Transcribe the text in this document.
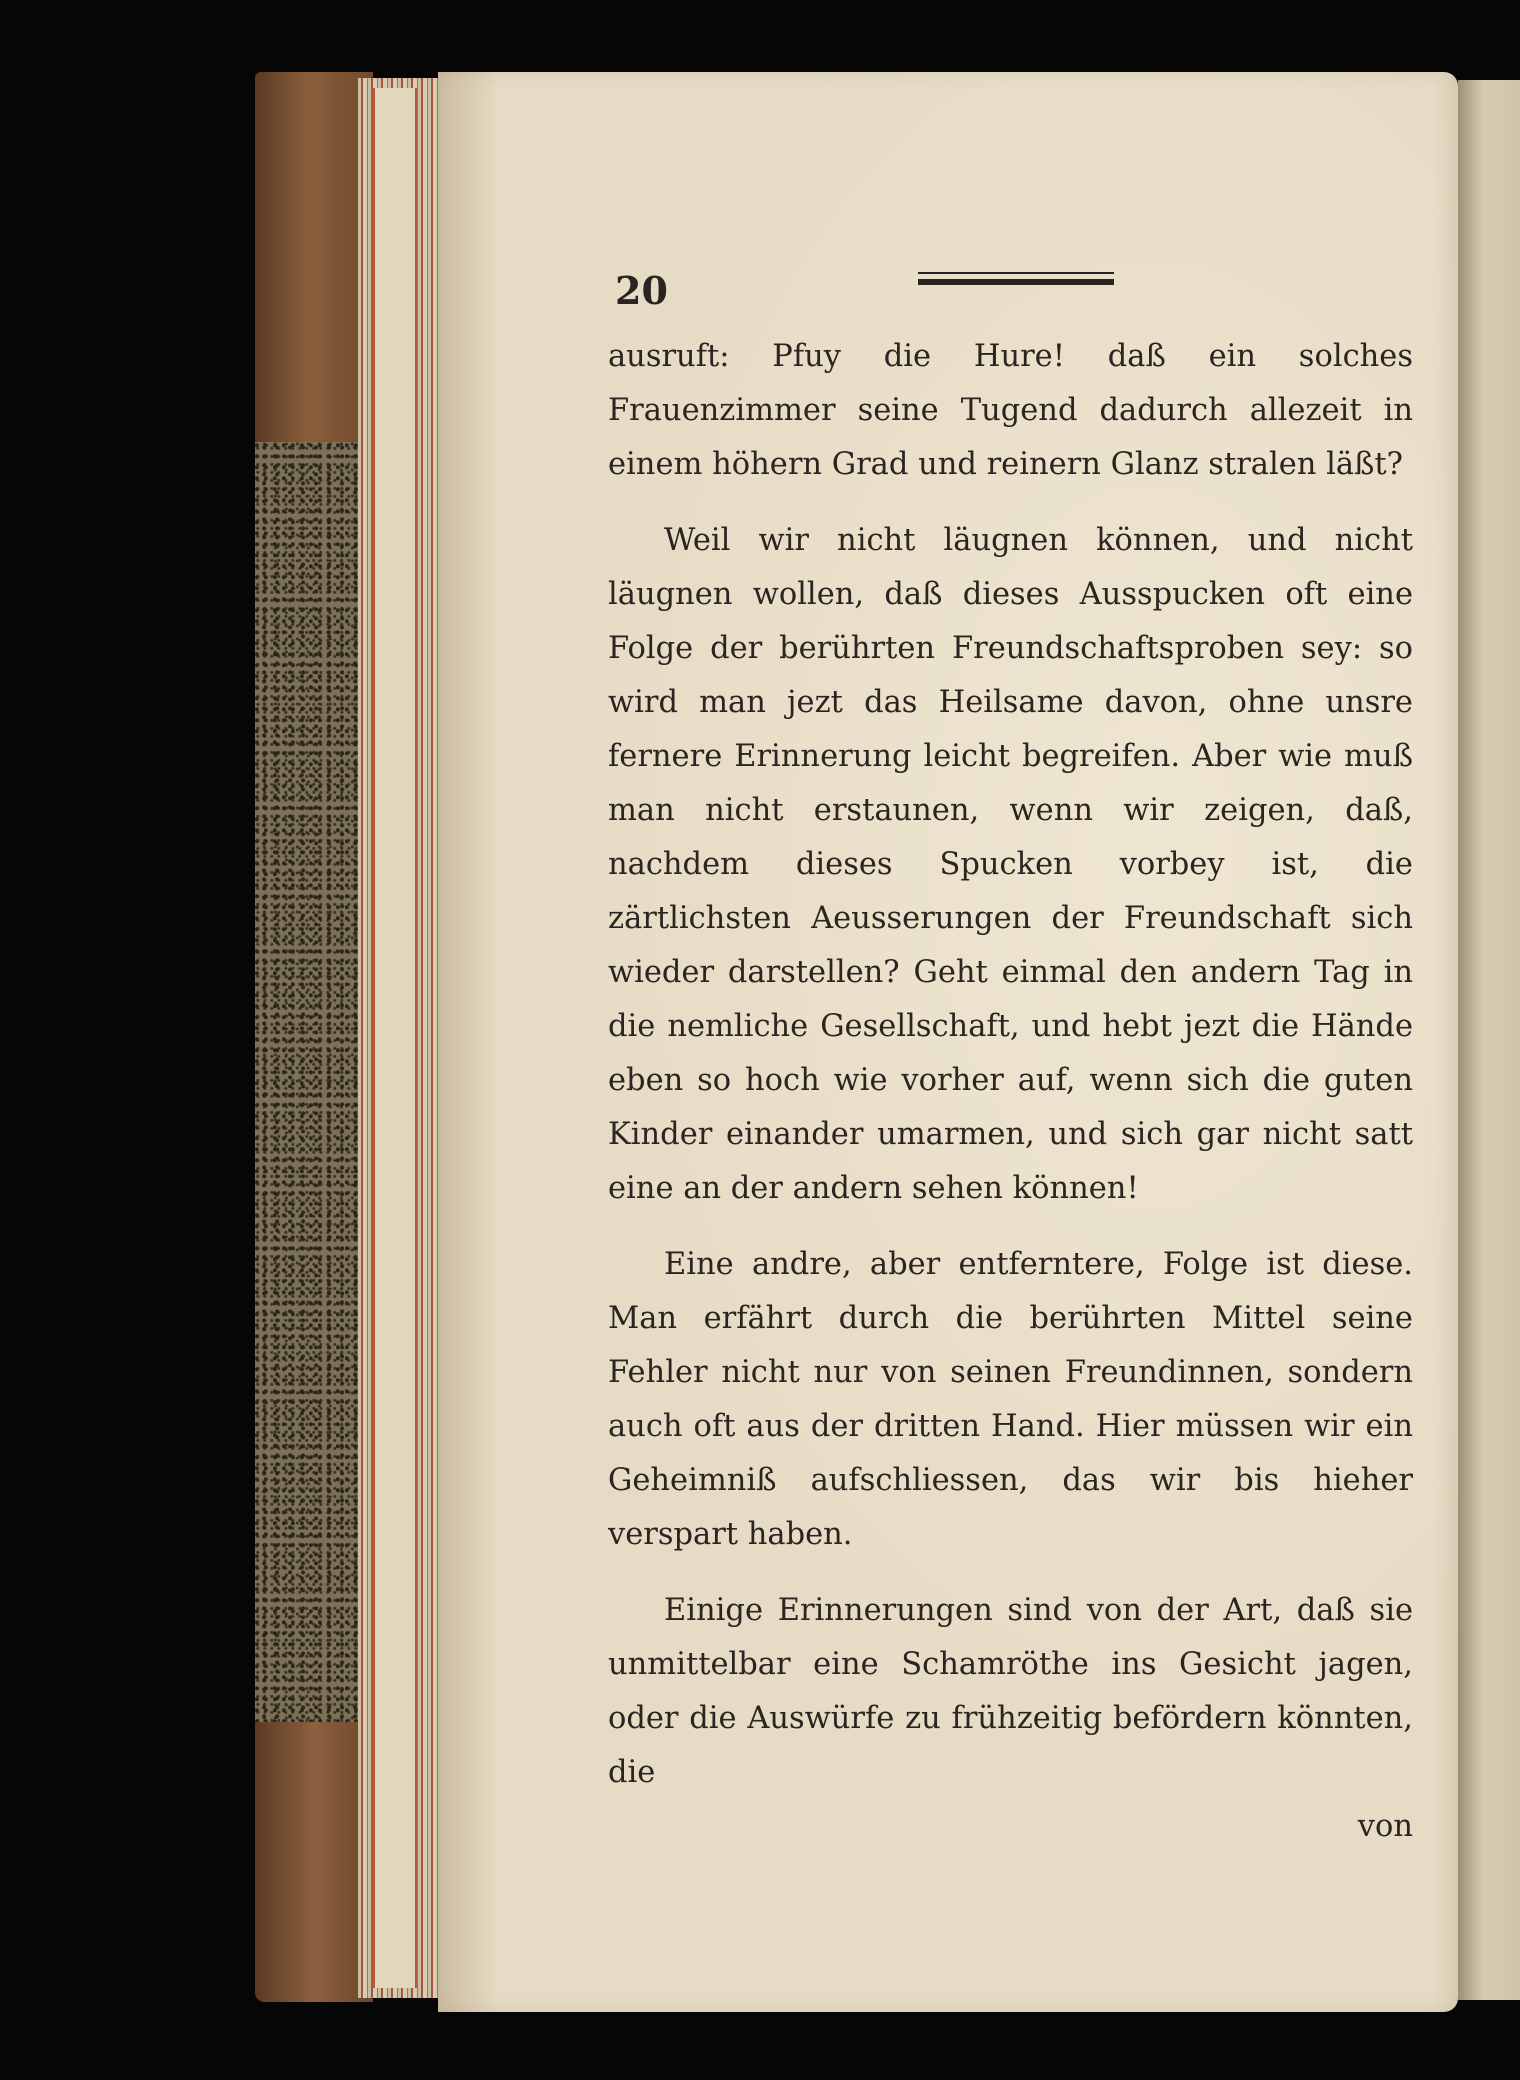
20

ausruft: Pfuy die Hure! daß ein solches Frauenzimmer seine Tugend dadurch allezeit in einem höhern Grad und reinern Glanz stralen läßt?

Weil wir nicht läugnen können, und nicht läugnen wollen, daß dieses Ausspucken oft eine Folge der berührten Freundschaftsproben sey: so wird man jezt das Heilsame davon, ohne unsre fernere Erinnerung leicht begreifen. Aber wie muß man nicht erstaunen, wenn wir zeigen, daß, nachdem dieses Spucken vorbey ist, die zärtlichsten Aeusserungen der Freundschaft sich wieder darstellen? Geht einmal den andern Tag in die nemliche Gesellschaft, und hebt jezt die Hände eben so hoch wie vorher auf, wenn sich die guten Kinder einander umarmen, und sich gar nicht satt eine an der andern sehen können!

Eine andre, aber entferntere, Folge ist diese. Man erfährt durch die berührten Mittel seine Fehler nicht nur von seinen Freundinnen, sondern auch oft aus der dritten Hand. Hier müssen wir ein Geheimniß aufschliessen, das wir bis hieher verspart haben.

Einige Erinnerungen sind von der Art, daß sie unmittelbar eine Schamröthe ins Gesicht jagen, oder die Auswürfe zu frühzeitig befördern könnten, die

von
